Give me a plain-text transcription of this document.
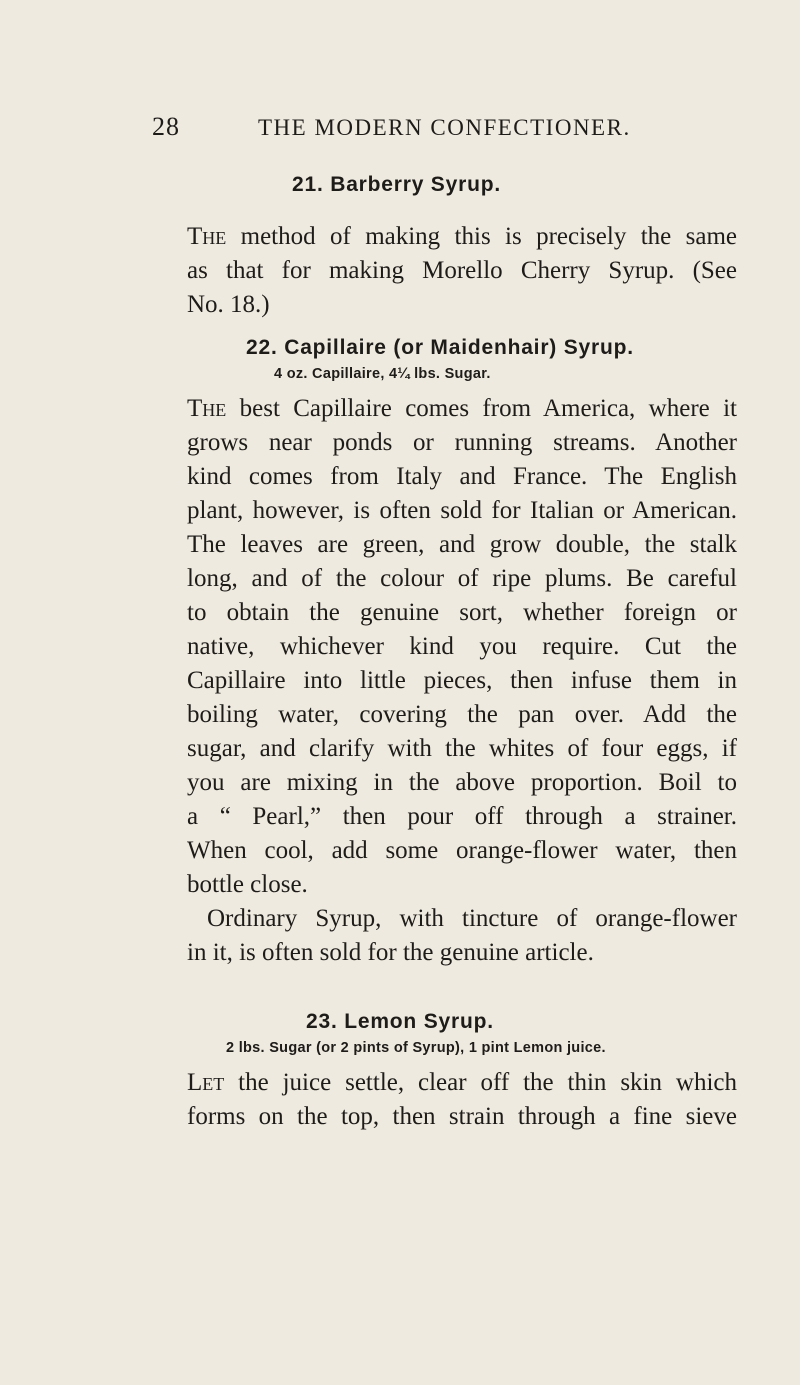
28	THE MODERN CONFECTIONER.
21. Barberry Syrup.
The method of making this is precisely the same
as that for making Morello Cherry Syrup. (See
No. 18.)
22. Capillaire (or Maidenhair) Syrup.
4 oz. Capillaire, 4¼ lbs. Sugar.
The best Capillaire comes from America, where it
grows near ponds or running streams. Another
kind comes from Italy and France. The English
plant, however, is often sold for Italian or American.
The leaves are green, and grow double, the stalk
long, and of the colour of ripe plums. Be careful
to obtain the genuine sort, whether foreign or
native, whichever kind you require. Cut the
Capillaire into little pieces, then infuse them in
boiling water, covering the pan over. Add the
sugar, and clarify with the whites of four eggs, if
you are mixing in the above proportion. Boil to
a “ Pearl,” then pour off through a strainer.
When cool, add some orange-flower water, then
bottle close.
Ordinary Syrup, with tincture of orange-flower
in it, is often sold for the genuine article.
23. Lemon Syrup.
2 lbs. Sugar (or 2 pints of Syrup), 1 pint Lemon juice.
Let the juice settle, clear off the thin skin which
forms on the top, then strain through a fine sieve
